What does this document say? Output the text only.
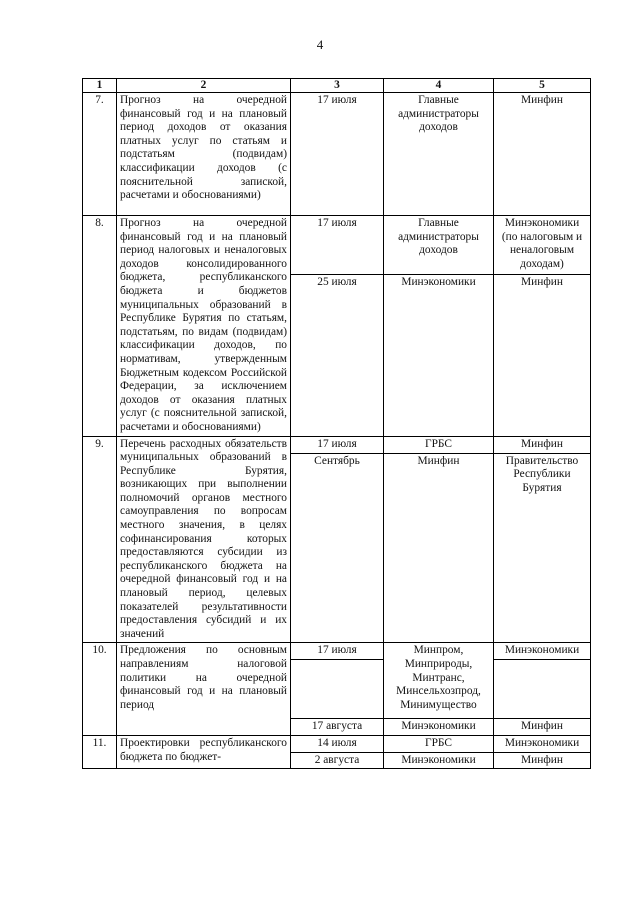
4
1	2	3	4	5
7.	Прогноз на очередной финансовый год и на плановый период доходов от оказания платных услуг по статьям и подстатьям (подвидам) классификации доходов (с пояснительной запиской, расчетами и обоснованиями)	17 июля	Главные администраторы доходов	Минфин
8.	Прогноз на очередной финансовый год и на плановый период налоговых и неналоговых доходов консолидированного бюджета, республиканского бюджета и бюджетов муниципальных образований в Республике Бурятия по статьям, подстатьям, по видам (подвидам) классификации доходов, по нормативам, утвержденным Бюджетным кодексом Российской Федерации, за исключением доходов от оказания платных услуг (с пояснительной запиской, расчетами и обоснованиями)	17 июля	Главные администраторы доходов	Минэкономики (по налоговым и неналоговым доходам)
		25 июля	Минэкономики	Минфин
9.	Перечень расходных обязательств муниципальных образований в Республике Бурятия, возникающих при выполнении полномочий органов местного самоуправления по вопросам местного значения, в целях софинансирования которых предоставляются субсидии из республиканского бюджета на очередной финансовый год и на плановый период, целевых показателей результативности предоставления субсидий и их значений	17 июля	ГРБС	Минфин
		Сентябрь	Минфин	Правительство Республики Бурятия
10.	Предложения по основным направлениям налоговой политики на очередной финансовый год и на плановый период	17 июля	Минпром, Минприроды, Минтранс, Минсельхозпрод, Минимущество	Минэкономики

		17 августа	Минэкономики	Минфин
11.	Проектировки республиканского бюджета по бюджет-	14 июля	ГРБС	Минэкономики
		2 августа	Минэкономики	Минфин
